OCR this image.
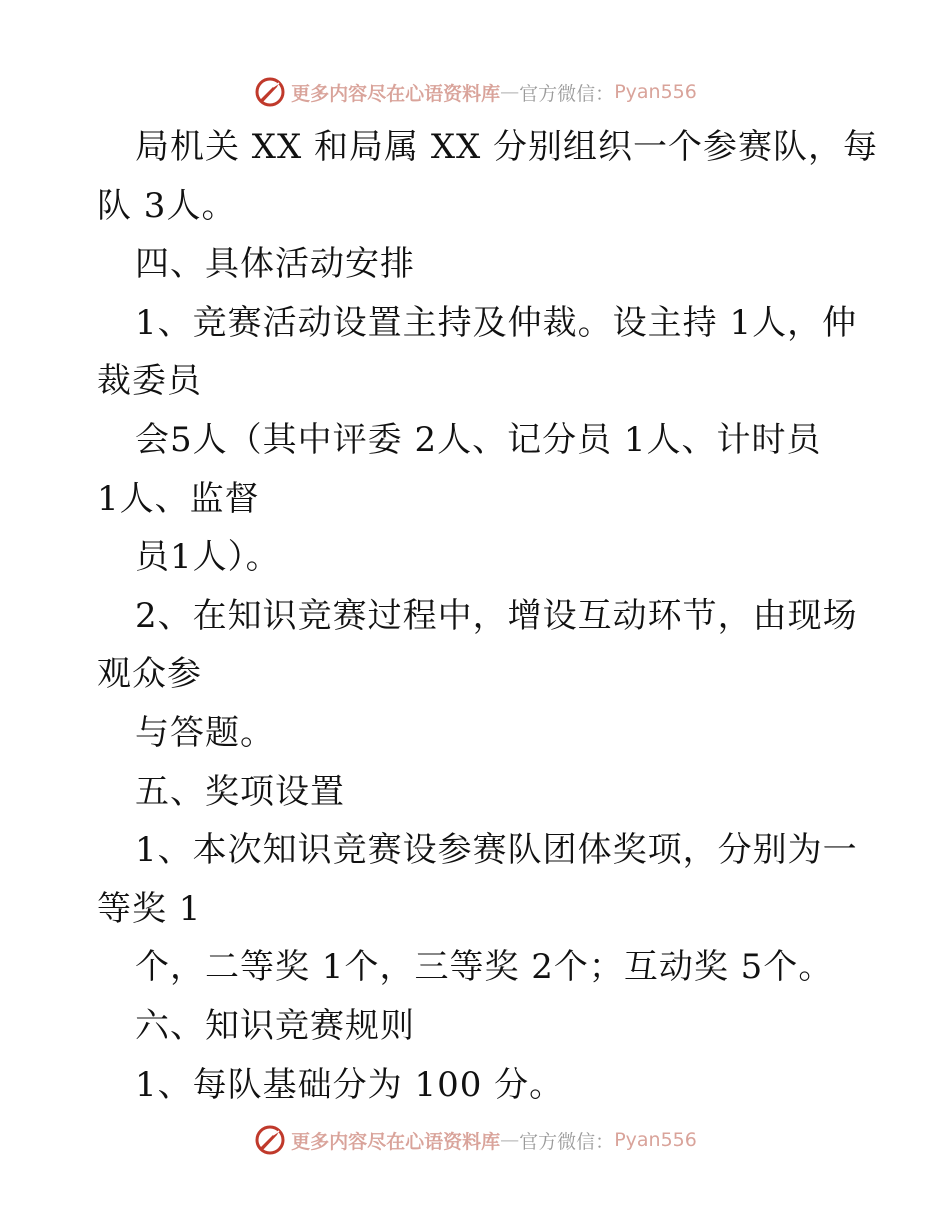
更多内容尽在心语资料库 — 官方微信： Pyan556
局机关 XX 和局属 XX 分别组织一个参赛队，每
队 3人。
四、具体活动安排
1、竞赛活动设置主持及仲裁。设主持 1人，仲
裁委员
会5人（其中评委 2人、记分员 1人、计时员
1人、监督
员1人）。
2、在知识竞赛过程中，增设互动环节，由现场
观众参
与答题。
五、奖项设置
1、本次知识竞赛设参赛队团体奖项，分别为一
等奖 1
个，二等奖 1个，三等奖 2个；互动奖 5个。
六、知识竞赛规则
1、每队基础分为 100 分。
更多内容尽在心语资料库 — 官方微信： Pyan556
